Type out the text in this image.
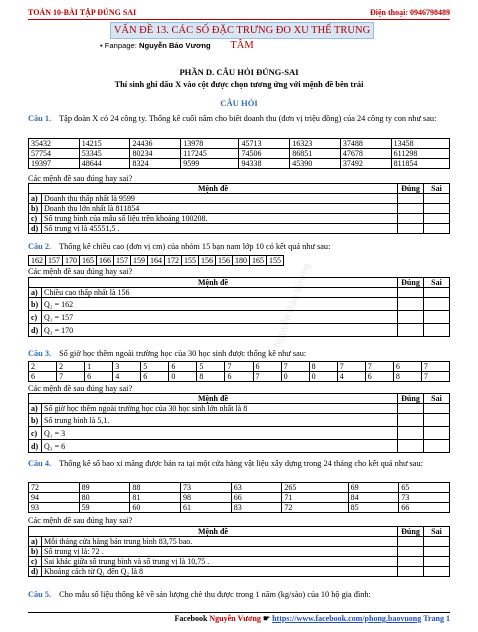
TOÁN 10-BÀI TẬP ĐÚNG SAI	Điện thoại: 0946798489
VẤN ĐỀ 13. CÁC SỐ ĐẶC TRƯNG ĐO XU THẾ TRUNG TÂM
• Fanpage: Nguyễn Bảo Vương
PHẦN D. CÂU HỎI ĐÚNG-SAI
Thí sinh ghi dấu X vào cột được chọn tương ứng với mệnh đề bên trái
CÂU HỎI
Nguyễn Bảo Vương
Câu 1. Tập đoàn X có 24 công ty. Thống kê cuối năm cho biết doanh thu (đơn vị triệu đồng) của 24 công ty con như sau:
35432	14215	24436	13978	45713	16323	37488	13458
57754	53345	80234	117245	74506	86851	47678	611298
19397	48644	8324	9599	94338	45390	37492	811854
Các mệnh đề sau đúng hay sai?
Mệnh đề		Đúng	Sai
a)	Doanh thu thấp nhất là 9599		
b)	Doanh thu lớn nhất là 811854		
c)	Số trung bình của mẫu số liệu trên khoảng 100208.		
d)	Số trung vị là 45551,5 .		
Câu 2. Thống kê chiều cao (đơn vị cm) của nhóm 15 bạn nam lớp 10 có kết quả như sau:
162	157	170	165	166	157	159	164	172	155	156	156	180	165	155
Các mệnh đề sau đúng hay sai?
Mệnh đề		Đúng	Sai
a)	Chiều cao thấp nhất là 156		
b)	Q₂ = 162		
c)	Q₁ = 157		
d)	Q₃ = 170		
Câu 3. Số giờ học thêm ngoài trường học của 30 học sinh được thống kê như sau:
2	2	1	3	5	6	5	7	6	7	8	7	7	6	7
6	7	6	4	6	0	8	6	7	0	0	4	6	8	7
Các mệnh đề sau đúng hay sai?
Mệnh đề		Đúng	Sai
a)	Số giờ học thêm ngoài trường học của 30 học sinh lớn nhất là 8		
b)	Số trung bình là 5,1.		
c)	Q₁ = 3		
d)	Q₃ = 6		
Câu 4. Thống kê số bao xi măng được bán ra tại một cửa hàng vật liệu xây dựng trong 24 tháng cho kết quả như sau:
72	89	88	73	63	265	69	65
94	80	81	98	66	71	84	73
93	59	60	61	83	72	85	66
Các mệnh đề sau đúng hay sai?
Mệnh đề		Đúng	Sai
a)	Mỗi tháng cửa hàng bán trung bình 83,75 bao.		
b)	Số trung vị là: 72 .		
c)	Sai khác giữa số trung bình và số trung vị là 10,75 .		
d)	Khoảng cách từ Q₁ đến Q₂ là 8		
Câu 5. Cho mẫu số liệu thống kê về sản lượng chè thu được trong 1 năm (kg/sào) của 10 hộ gia đình:
Facebook Nguyễn Vương ☛ https://www.facebook.com/phong.baovuong Trang 1
